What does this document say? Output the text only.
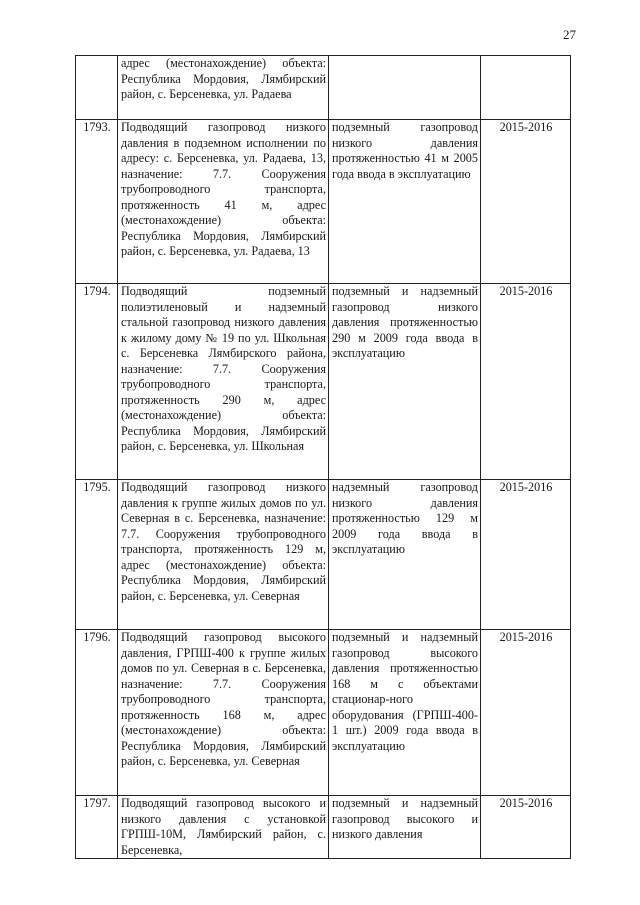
27

	адрес (местонахождение) объекта: Республика Мордовия, Лямбирский район, с. Берсеневка, ул. Радаева		

1793.	Подводящий газопровод низкого давления в подземном исполнении по адресу: с. Берсеневка, ул. Радаева, 13, назначение: 7.7. Сооружения трубопроводного транспорта, протяженность 41 м, адрес (местонахождение) объекта: Республика Мордовия, Лямбирский район, с. Берсеневка, ул. Радаева, 13	подземный газопровод низкого давления протяженностью 41 м 2005 года ввода в эксплуатацию	2015-2016
1794.	Подводящий подземный полиэтиленовый и надземный стальной газопровод низкого давления к жилому дому № 19 по ул. Школьная с. Берсеневка Лямбирского района, назначение: 7.7. Сооружения трубопроводного транспорта, протяженность 290 м, адрес (местонахождение) объекта: Республика Мордовия, Лямбирский район, с. Берсеневка, ул. Школьная	подземный и надземный газопровод низкого давления протяженностью 290 м 2009 года ввода в эксплуатацию	2015-2016
1795.	Подводящий газопровод низкого давления к группе жилых домов по ул. Северная в с. Берсеневка, назначение: 7.7. Сооружения трубопроводного транспорта, протяженность 129 м, адрес (местонахождение) объекта: Республика Мордовия, Лямбирский район, с. Берсеневка, ул. Северная	надземный газопровод низкого давления протяженностью 129 м 2009 года ввода в эксплуатацию	2015-2016
1796.	Подводящий газопровод высокого давления, ГРПШ-400 к группе жилых домов по ул. Северная в с. Берсеневка, назначение: 7.7. Сооружения трубопроводного транспорта, протяженность 168 м, адрес (местонахождение) объекта: Республика Мордовия, Лямбирский район, с. Берсеневка, ул. Северная	подземный и надземный газопровод высокого давления протяженностью 168 м с объектами стационар-ного оборудования (ГРПШ-400-1 шт.) 2009 года ввода в эксплуатацию	2015-2016
1797.	Подводящий газопровод высокого и низкого давления с установкой ГРПШ-10М, Лямбирский район, с. Берсеневка,	подземный и надземный газопровод высокого и низкого давления	2015-2016
